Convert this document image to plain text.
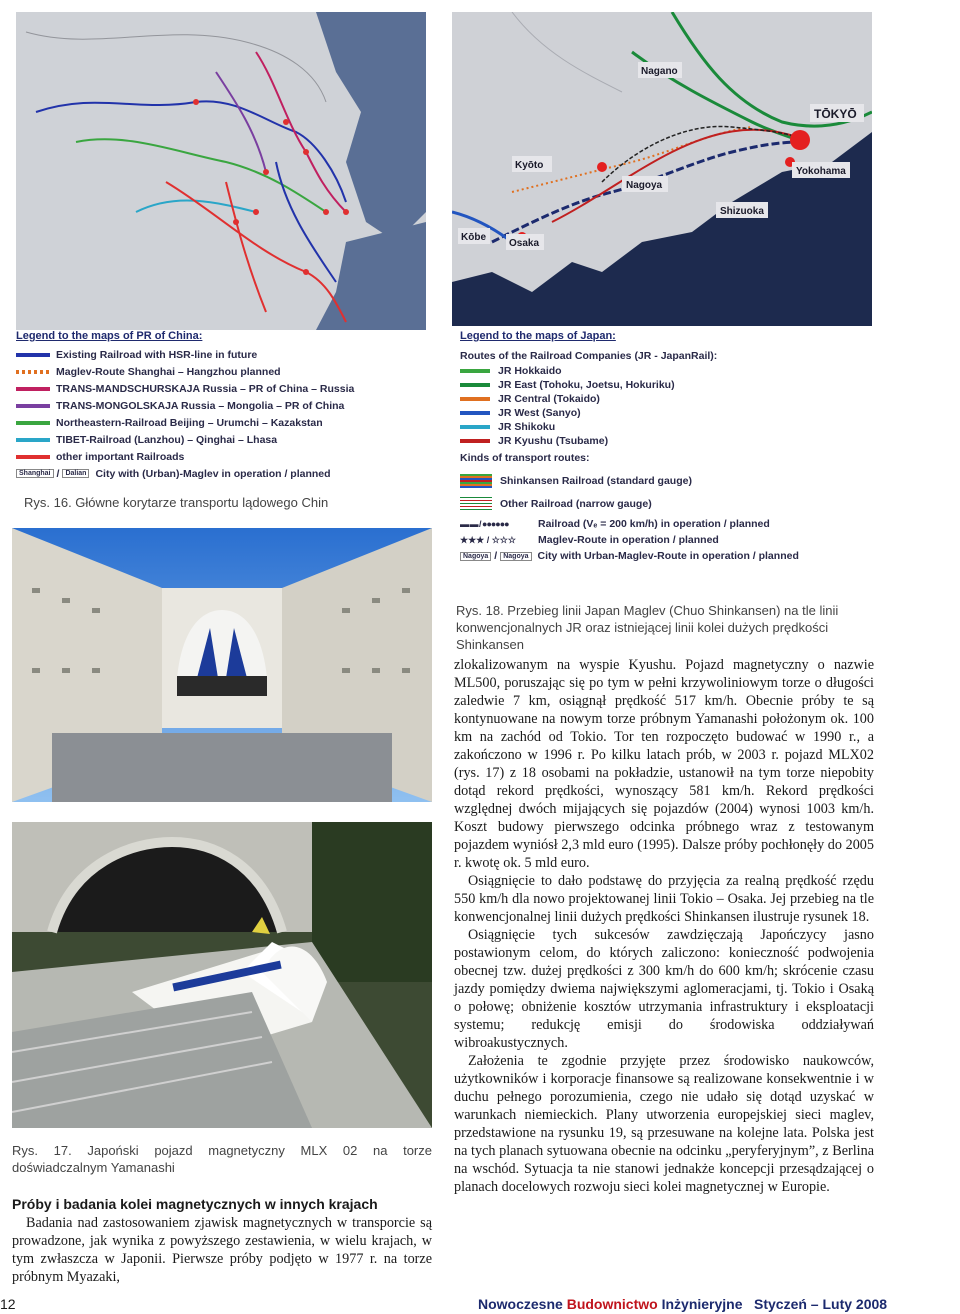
Legend to the maps of PR of China:
Existing Railroad with HSR-line in future
Maglev-Route Shanghai – Hangzhou planned
TRANS-MANDSCHURSKAJA Russia – PR of China – Russia
TRANS-MONGOLSKAJA Russia – Mongolia – PR of China
Northeastern-Railroad Beijing – Urumchi – Kazakstan
TIBET-Railroad (Lanzhou) – Qinghai – Lhasa
other important Railroads
Shanghai / Dalian City with (Urban)-Maglev in operation / planned
Rys. 16. Główne korytarze transportu lądowego Chin
Nagano
TŌKYŌ
Kyōto
Nagoya
Yokohama
Shizuoka
Kōbe
Osaka
Legend to the maps of Japan:
Routes of the Railroad Companies (JR - JapanRail):
JR Hokkaido
JR East (Tohoku, Joetsu, Hokuriku)
JR Central (Tokaido)
JR West (Sanyo)
JR Shikoku
JR Kyushu (Tsubame)
Kinds of transport routes:
Shinkansen Railroad (standard gauge)
Other Railroad (narrow gauge)
▬ ▬ / ●●●●●●	Railroad (Vₑ = 200 km/h) in operation / planned
★★★ / ☆☆☆	Maglev-Route in operation / planned
Nagoya / Nagoya City with Urban-Maglev-Route in operation / planned
Rys. 18. Przebieg linii Japan Maglev (Chuo Shinkansen) na tle linii konwencjonalnych JR oraz istniejącej linii kolei dużych prędkości Shinkansen
Rys. 17. Japoński pojazd magnetyczny MLX 02 na torze doświadczalnym Yamanashi
Próby i badania kolei magnetycznych w innych krajach

Badania nad zastosowaniem zjawisk magnetycznych w transporcie są prowadzone, jak wynika z powyższego zestawienia, w wielu krajach, w tym zwłaszcza w Japonii. Pierwsze próby podjęto w 1977 r. na torze próbnym Myazaki,

zlokalizowanym na wyspie Kyushu. Pojazd magnetyczny o nazwie ML500, poruszając się po tym w pełni krzywoliniowym torze o długości zaledwie 7 km, osiągnął prędkość 517 km/h. Obecnie próby te są kontynuowane na nowym torze próbnym Yamanashi położonym ok. 100 km na zachód od Tokio. Tor ten rozpoczęto budować w 1990 r., a zakończono w 1996 r. Po kilku latach prób, w 2003 r. pojazd MLX02 (rys. 17) z 18 osobami na pokładzie, ustanowił na tym torze niepobity dotąd rekord prędkości, wynoszący 581 km/h. Rekord prędkości względnej dwóch mijających się pojazdów (2004) wynosi 1003 km/h. Koszt budowy pierwszego odcinka próbnego wraz z testowanym pojazdem wyniósł 2,3 mld euro (1995). Dalsze próby pochłonęły do 2005 r. kwotę ok. 5 mld euro.

Osiągnięcie to dało podstawę do przyjęcia za realną prędkość rzędu 550 km/h dla nowo projektowanej linii Tokio – Osaka. Jej przebieg na tle konwencjonalnej linii dużych prędkości Shinkansen ilustruje rysunek 18.

Osiągnięcie tych sukcesów zawdzięczają Japończycy jasno postawionym celom, do których zaliczono: konieczność podwojenia obecnej tzw. dużej prędkości z 300 km/h do 600 km/h; skrócenie czasu jazdy pomiędzy dwiema największymi aglomeracjami, tj. Tokio i Osaką o połowę; obniżenie kosztów utrzymania infrastruktury i eksploatacji systemu; redukcję emisji do środowiska oddziaływań wibroakustycznych.

Założenia te zgodnie przyjęte przez środowisko naukowców, użytkowników i korporacje finansowe są realizowane konsekwentnie i w duchu pełnego porozumienia, czego nie udało się dotąd uzyskać w warunkach niemieckich. Plany utworzenia europejskiej sieci maglev, przedstawione na rysunku 19, są przesuwane na kolejne lata. Polska jest na tych planach sytuowana obecnie na odcinku „peryferyjnym”, z Berlina na wschód. Sytuacja ta nie stanowi jednakże koncepcji przesądzającej o planach docelowych rozwoju sieci kolei magnetycznej w Europie.

12	Nowoczesne Budownictwo Inżynieryjne Styczeń – Luty 2008
